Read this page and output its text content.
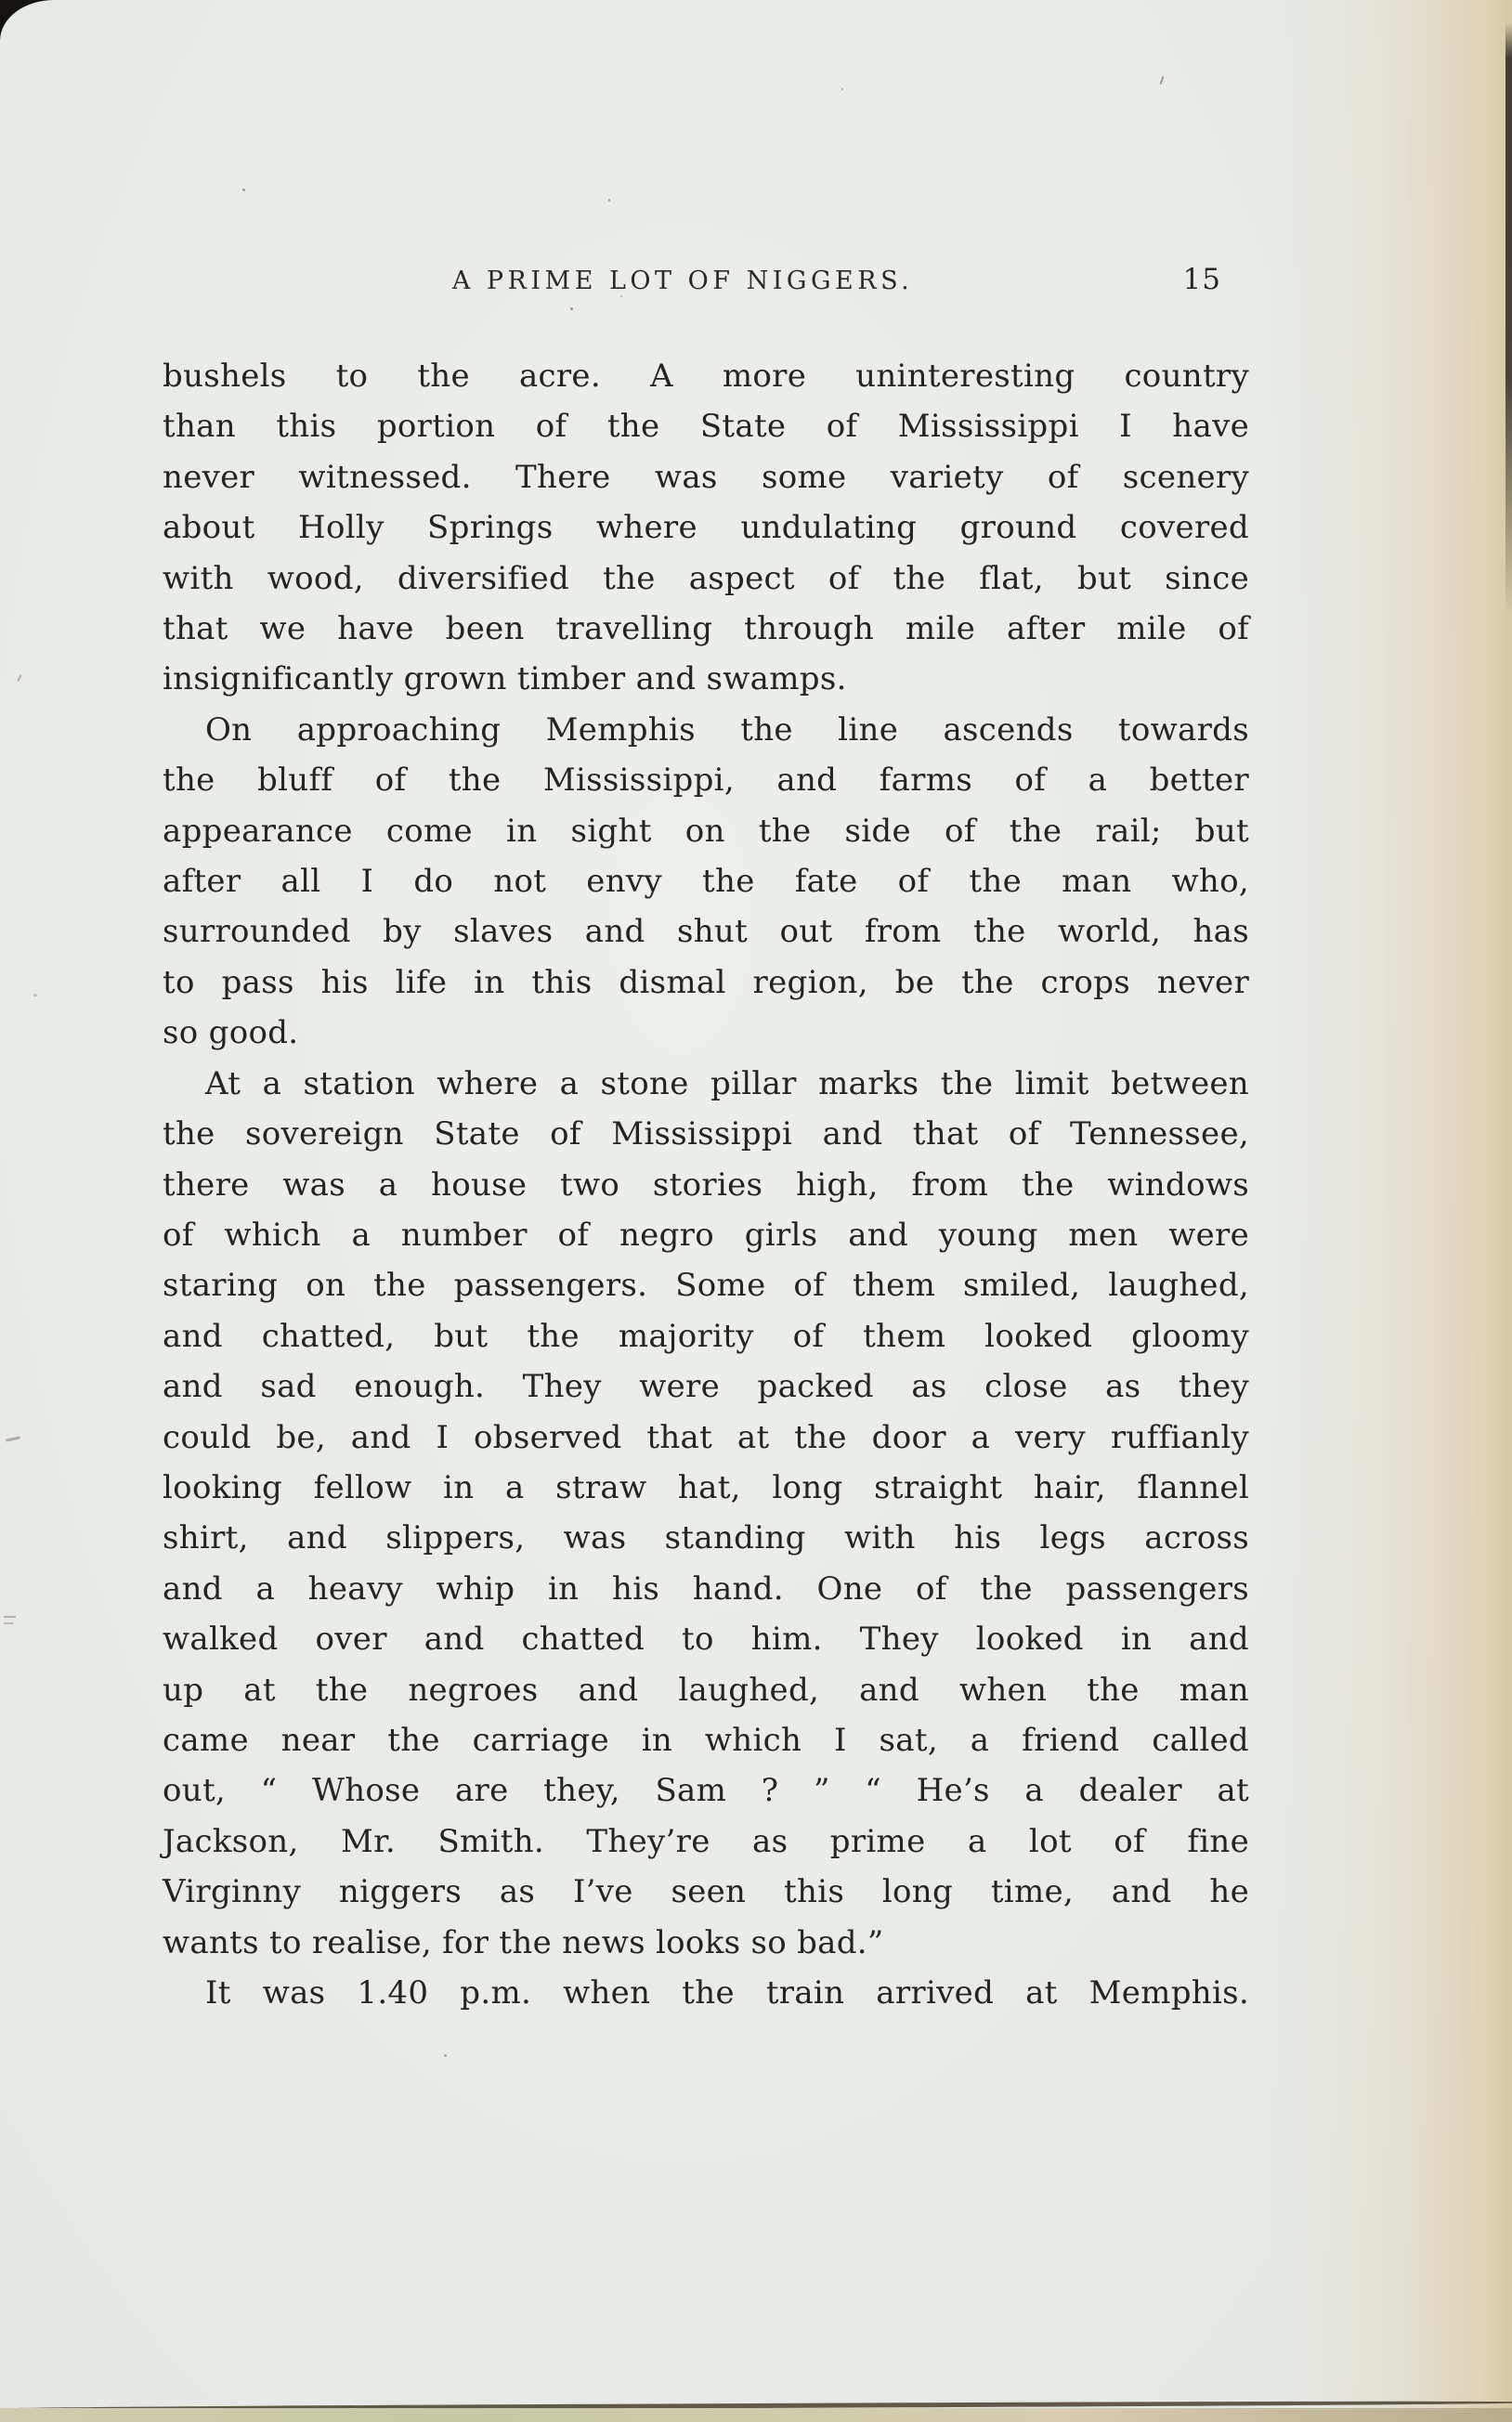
A PRIME LOT OF NIGGERS.	15
bushels to the acre. A more uninteresting country
than this portion of the State of Mississippi I have
never witnessed. There was some variety of scenery
about Holly Springs where undulating ground covered
with wood, diversified the aspect of the flat, but since
that we have been travelling through mile after mile of
insignificantly grown timber and swamps.
On approaching Memphis the line ascends towards
the bluff of the Mississippi, and farms of a better
appearance come in sight on the side of the rail; but
after all I do not envy the fate of the man who,
surrounded by slaves and shut out from the world, has
to pass his life in this dismal region, be the crops never
so good.
At a station where a stone pillar marks the limit between
the sovereign State of Mississippi and that of Tennessee,
there was a house two stories high, from the windows
of which a number of negro girls and young men were
staring on the passengers. Some of them smiled, laughed,
and chatted, but the majority of them looked gloomy
and sad enough. They were packed as close as they
could be, and I observed that at the door a very ruffianly
looking fellow in a straw hat, long straight hair, flannel
shirt, and slippers, was standing with his legs across
and a heavy whip in his hand. One of the passengers
walked over and chatted to him. They looked in and
up at the negroes and laughed, and when the man
came near the carriage in which I sat, a friend called
out, “ Whose are they, Sam ? ” “ He’s a dealer at
Jackson, Mr. Smith. They’re as prime a lot of fine
Virginny niggers as I’ve seen this long time, and he
wants to realise, for the news looks so bad.”
It was 1.40 p.m. when the train arrived at Memphis.
